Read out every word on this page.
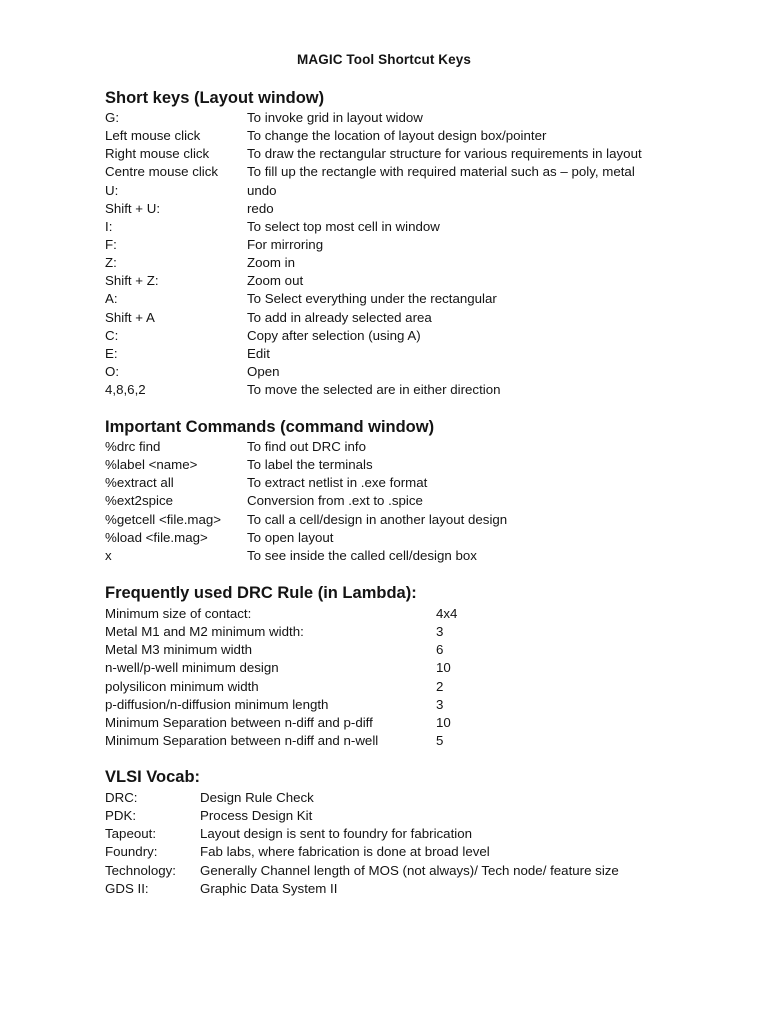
MAGIC Tool Shortcut Keys
Short keys (Layout window)
G:	To invoke grid in layout widow
Left mouse click	To change the location of layout design box/pointer
Right mouse click	To draw the rectangular structure for various requirements in layout
Centre mouse click To fill up the rectangle with required material such as – poly, metal
U:	undo
Shift + U:	redo
I:	To select top most cell in window
F:	For mirroring
Z:	Zoom in
Shift + Z:	Zoom out
A:	To Select everything under the rectangular
Shift + A	To add in already selected area
C:	Copy after selection (using A)
E:	Edit
O:	Open
4,8,6,2	To move the selected are in either direction
Important Commands (command window)
%drc find	To find out DRC info
%label <name>	To label the terminals
%extract all	To extract netlist in .exe format
%ext2spice	Conversion from .ext to .spice
%getcell <file.mag> To call a cell/design in another layout design
%load <file.mag>	To open layout
x	To see inside the called cell/design box
Frequently used DRC Rule (in Lambda):
Minimum size of contact:	4x4
Metal M1 and M2 minimum width:	3
Metal M3 minimum width	6
n-well/p-well minimum design	10
polysilicon minimum width	2
p-diffusion/n-diffusion minimum length	3
Minimum Separation between n-diff and p-diff	10
Minimum Separation between n-diff and n-well	5
VLSI Vocab:
DRC:	Design Rule Check
PDK:	Process Design Kit
Tapeout:	Layout design is sent to foundry for fabrication
Foundry:	Fab labs, where fabrication is done at broad level
Technology: Generally Channel length of MOS (not always)/ Tech node/ feature size
GDS II:	Graphic Data System II
